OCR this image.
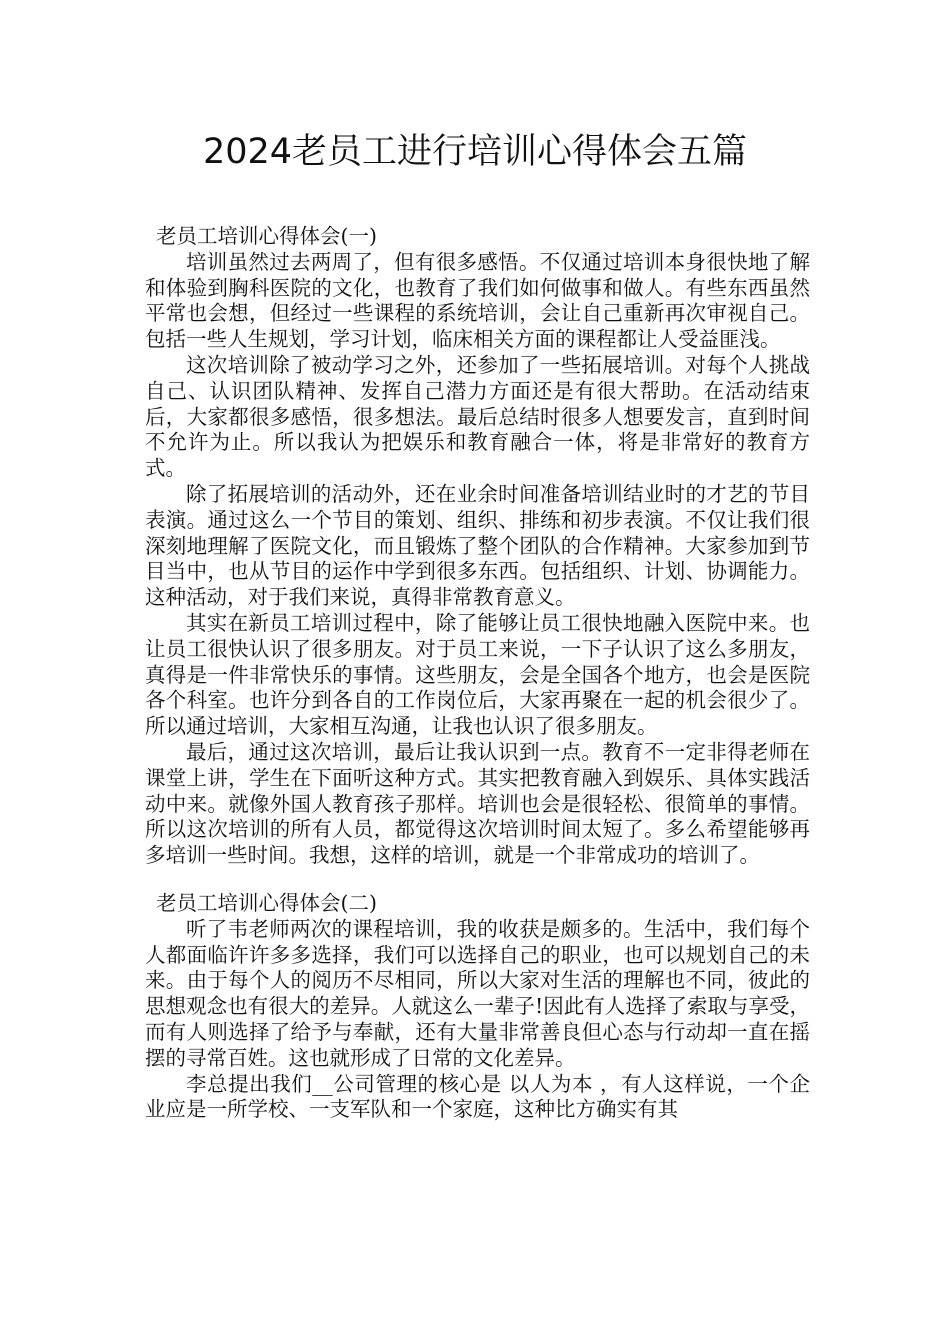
2024老员工进行培训心得体会五篇
老员工培训心得体会(一)

培训虽然过去两周了，但有很多感悟。不仅通过培训本身很快地了解和体验到胸科医院的文化，也教育了我们如何做事和做人。有些东西虽然平常也会想，但经过一些课程的系统培训，会让自己重新再次审视自己。 包括一些人生规划，学习计划，临床相关方面的课程都让人受益匪浅。

这次培训除了被动学习之外，还参加了一些拓展培训。对每个人挑战自己、认识团队精神、发挥自己潜力方面还是有很大帮助。在活动结束后，大家都很多感悟，很多想法。最后总结时很多人想要发言，直到时间不允许为止。所以我认为把娱乐和教育融合一体，将是非常好的教育方式。

除了拓展培训的活动外，还在业余时间准备培训结业时的才艺的节目表演。通过这么一个节目的策划、组织、排练和初步表演。不仅让我们很深刻地理解了医院文化，而且锻炼了整个团队的合作精神。大家参加到节目当中，也从节目的运作中学到很多东西。包括组织、计划、协调能力。这种活动，对于我们来说，真得非常教育意义。

其实在新员工培训过程中，除了能够让员工很快地融入医院中来。也让员工很快认识了很多朋友。对于员工来说，一下子认识了这么多朋友，真得是一件非常快乐的事情。这些朋友，会是全国各个地方，也会是医院各个科室。也许分到各自的工作岗位后，大家再聚在一起的机会很少了。所以通过培训，大家相互沟通，让我也认识了很多朋友。

最后，通过这次培训，最后让我认识到一点。教育不一定非得老师在课堂上讲，学生在下面听这种方式。其实把教育融入到娱乐、具体实践活动中来。就像外国人教育孩子那样。培训也会是很轻松、很简单的事情。所以这次培训的所有人员，都觉得这次培训时间太短了。多么希望能够再多培训一些时间。我想，这样的培训，就是一个非常成功的培训了。

老员工培训心得体会(二)

听了韦老师两次的课程培训，我的收获是颇多的。生活中，我们每个人都面临许许多多选择，我们可以选择自己的职业，也可以规划自己的未来。由于每个人的阅历不尽相同，所以大家对生活的理解也不同，彼此的思想观念也有很大的差异。人就这么一辈子!因此有人选择了索取与享受，而有人则选择了给予与奉献，还有大量非常善良但心态与行动却一直在摇摆的寻常百姓。这也就形成了日常的文化差异。

李总提出我们__公司管理的核心是 以人为本 ，有人这样说，一个企业应是一所学校、一支军队和一个家庭，这种比方确实有其
